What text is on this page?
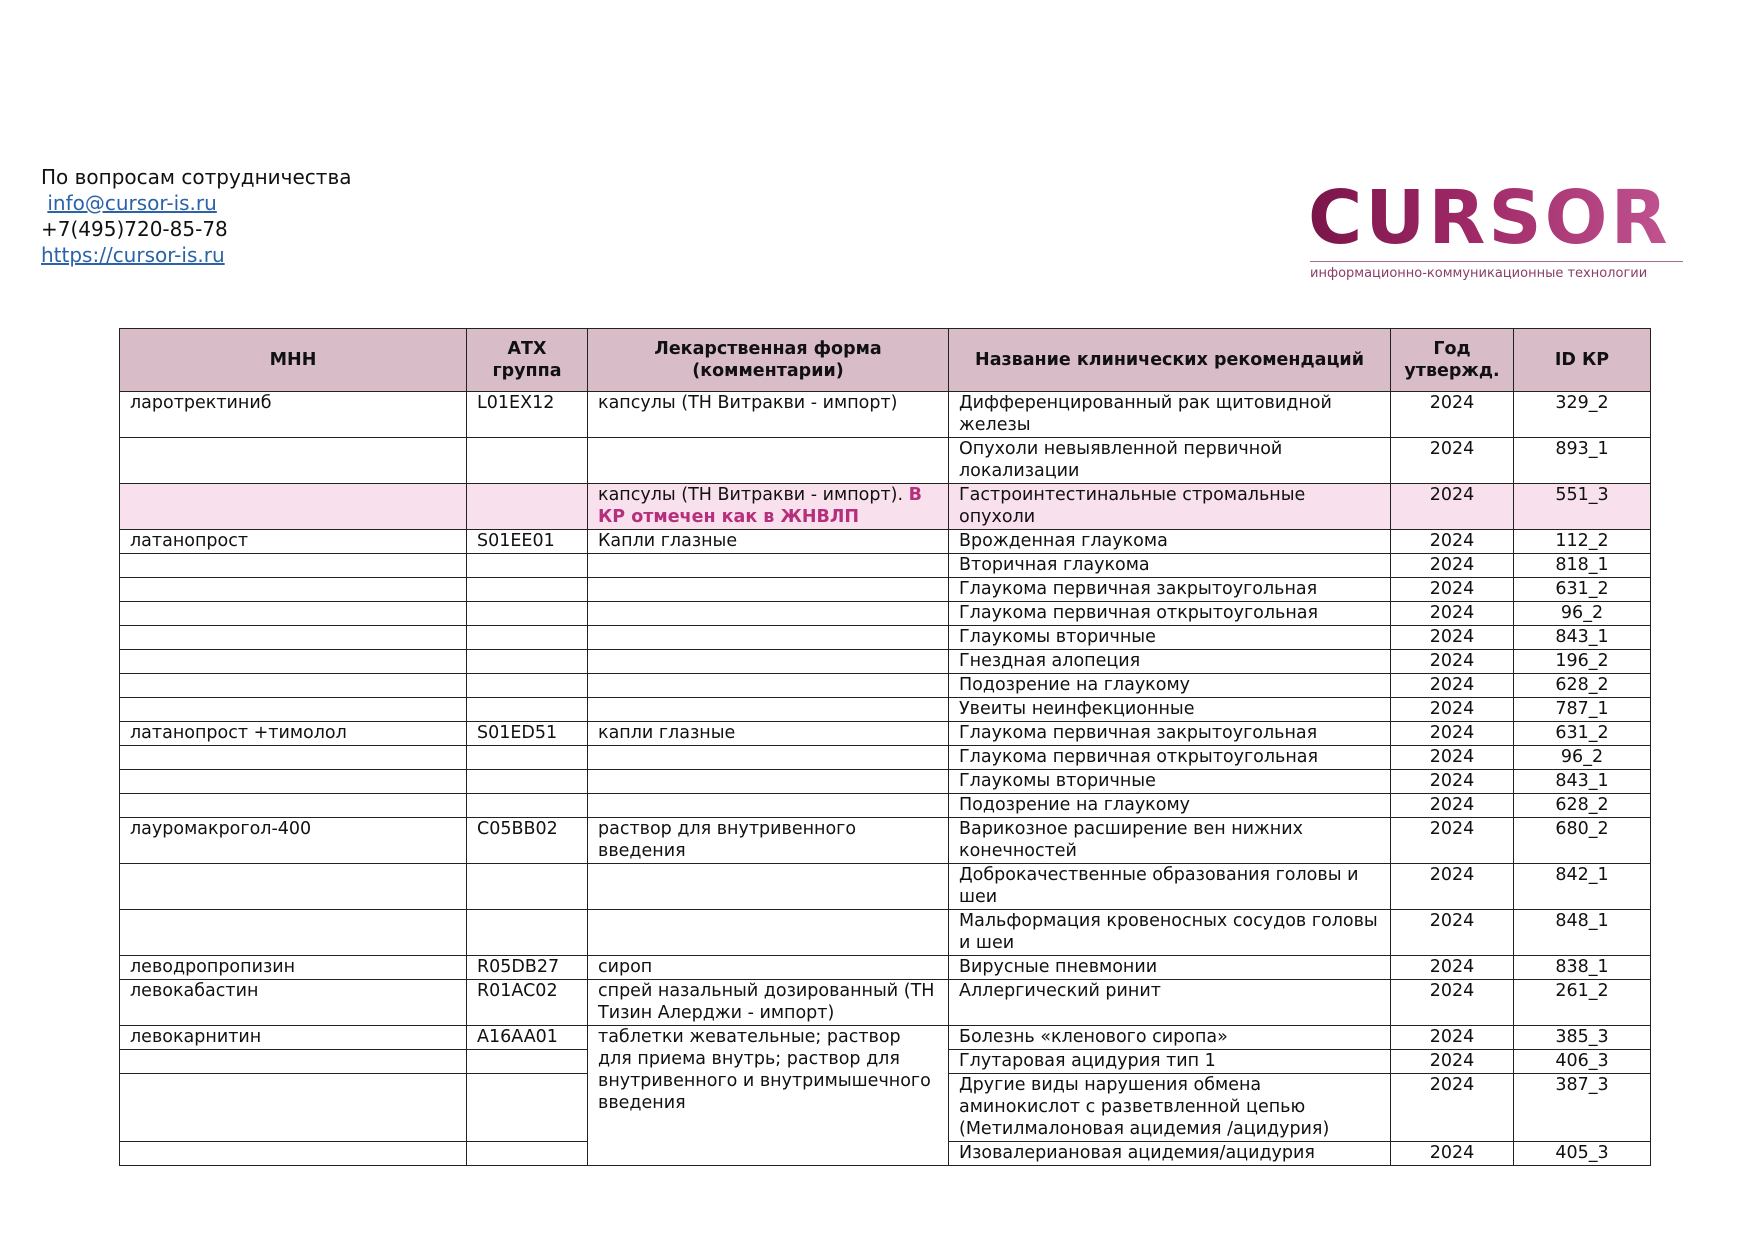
По вопросам сотрудничества
info@cursor-is.ru
+7(495)720-85-78
https://cursor-is.ru	CURSOR
информационно-коммуникационные технологии
МНН	АТХ группа	Лекарственная форма (комментарии)	Название клинических рекомендаций	Год утвержд.	ID КР
ларотректиниб	L01EX12	капсулы (ТН Витракви - импорт)	Дифференцированный рак щитовидной железы	2024	329_2
			Опухоли невыявленной первичной локализации	2024	893_1
		капсулы (ТН Витракви - импорт). В КР отмечен как в ЖНВЛП	Гастроинтестинальные стромальные опухоли	2024	551_3
латанопрост	S01EE01	Капли глазные	Врожденная глаукома	2024	112_2
			Вторичная глаукома	2024	818_1
			Глаукома первичная закрытоугольная	2024	631_2
			Глаукома первичная открытоугольная	2024	96_2
			Глаукомы вторичные	2024	843_1
			Гнездная алопеция	2024	196_2
			Подозрение на глаукому	2024	628_2
			Увеиты неинфекционные	2024	787_1
латанопрост +тимолол	S01ED51	капли глазные	Глаукома первичная закрытоугольная	2024	631_2
			Глаукома первичная открытоугольная	2024	96_2
			Глаукомы вторичные	2024	843_1
			Подозрение на глаукому	2024	628_2
лауромакрогол-400	C05BB02	раствор для внутривенного введения	Варикозное расширение вен нижних конечностей	2024	680_2
			Доброкачественные образования головы и шеи	2024	842_1
			Мальформация кровеносных сосудов головы и шеи	2024	848_1
леводропропизин	R05DB27	сироп	Вирусные пневмонии	2024	838_1
левокабастин	R01AC02	спрей назальный дозированный (ТН Тизин Алерджи - импорт)	Аллергический ринит	2024	261_2
левокарнитин	A16AA01	таблетки жевательные; раствор для приема внутрь; раствор для внутривенного и внутримышечного введения	Болезнь «кленового сиропа»	2024	385_3
			Глутаровая ацидурия тип 1	2024	406_3
			Другие виды нарушения обмена аминокислот с разветвленной цепью (Метилмалоновая ацидемия /ацидурия)	2024	387_3
			Изовалериановая ацидемия/ацидурия	2024	405_3
